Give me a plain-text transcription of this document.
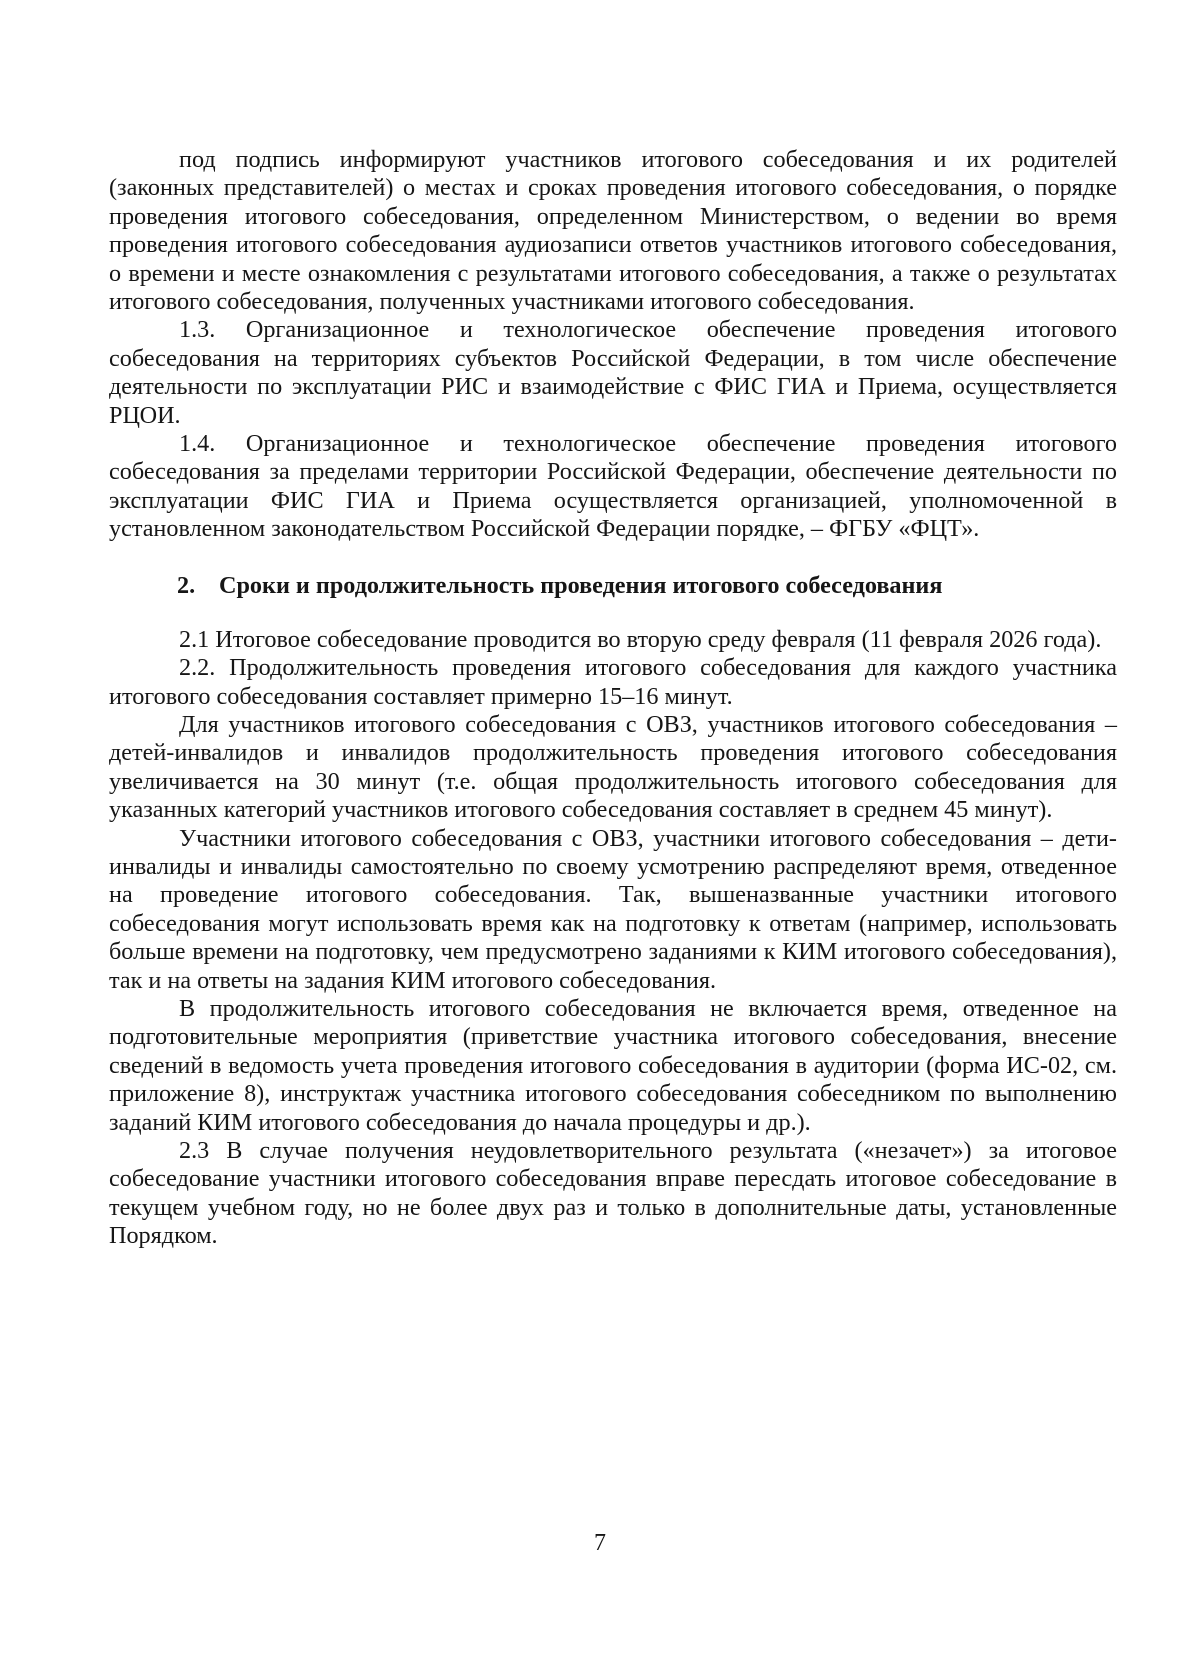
под подпись информируют участников итогового собеседования и их родителей (законных представителей) о местах и сроках проведения итогового собеседования, о порядке проведения итогового собеседования, определенном Министерством, о ведении во время проведения итогового собеседования аудиозаписи ответов участников итогового собеседования, о времени и месте ознакомления с результатами итогового собеседования, а также о результатах итогового собеседования, полученных участниками итогового собеседования.

1.3. Организационное и технологическое обеспечение проведения итогового собеседования на территориях субъектов Российской Федерации, в том числе обеспечение деятельности по эксплуатации РИС и взаимодействие с ФИС ГИА и Приема, осуществляется РЦОИ.

1.4. Организационное и технологическое обеспечение проведения итогового собеседования за пределами территории Российской Федерации, обеспечение деятельности по эксплуатации ФИС ГИА и Приема осуществляется организацией, уполномоченной в установленном законодательством Российской Федерации порядке, – ФГБУ «ФЦТ».

2. Сроки и продолжительность проведения итогового собеседования

2.1 Итоговое собеседование проводится во вторую среду февраля (11 февраля 2026 года).

2.2. Продолжительность проведения итогового собеседования для каждого участника итогового собеседования составляет примерно 15–16 минут.

Для участников итогового собеседования с ОВЗ, участников итогового собеседования – детей-инвалидов и инвалидов продолжительность проведения итогового собеседования увеличивается на 30 минут (т.е. общая продолжительность итогового собеседования для указанных категорий участников итогового собеседования составляет в среднем 45 минут).

Участники итогового собеседования с ОВЗ, участники итогового собеседования – дети-инвалиды и инвалиды самостоятельно по своему усмотрению распределяют время, отведенное на проведение итогового собеседования. Так, вышеназванные участники итогового собеседования могут использовать время как на подготовку к ответам (например, использовать больше времени на подготовку, чем предусмотрено заданиями к КИМ итогового собеседования), так и на ответы на задания КИМ итогового собеседования.

В продолжительность итогового собеседования не включается время, отведенное на подготовительные мероприятия (приветствие участника итогового собеседования, внесение сведений в ведомость учета проведения итогового собеседования в аудитории (форма ИС-02, см. приложение 8), инструктаж участника итогового собеседования собеседником по выполнению заданий КИМ итогового собеседования до начала процедуры и др.).

2.3 В случае получения неудовлетворительного результата («незачет») за итоговое собеседование участники итогового собеседования вправе пересдать итоговое собеседование в текущем учебном году, но не более двух раз и только в дополнительные даты, установленные Порядком.

7
